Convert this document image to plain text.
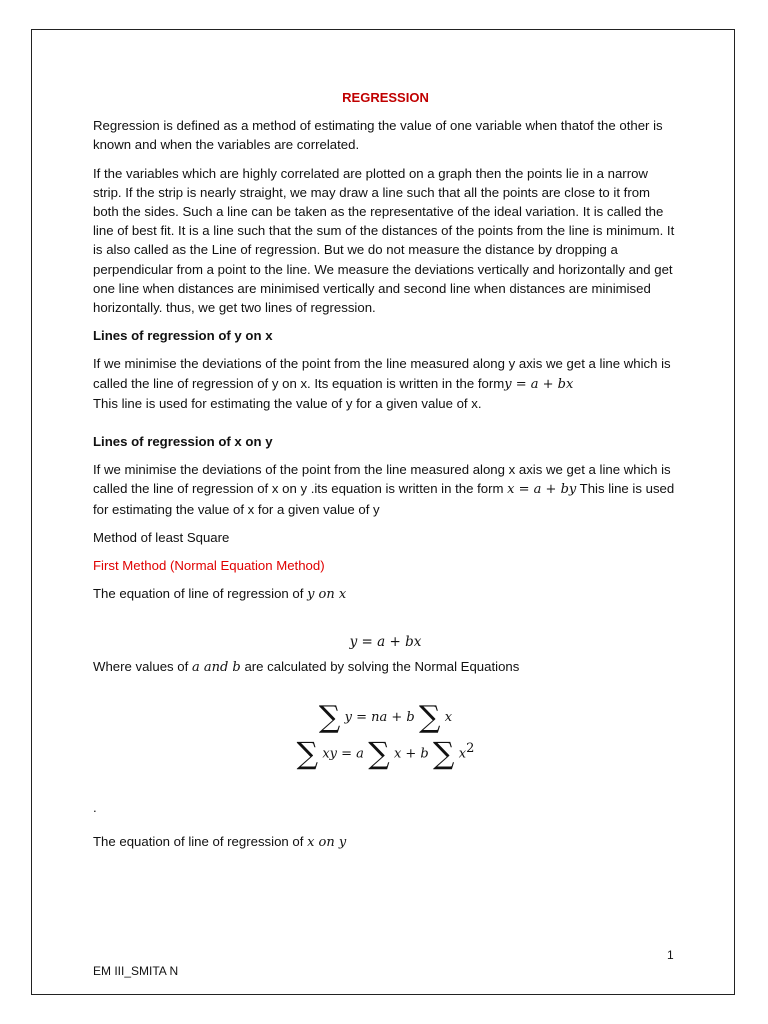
REGRESSION

Regression is defined as a method of estimating the value of one variable when thatof the other is known and when the variables are correlated.

If the variables which are highly correlated are plotted on a graph then the points lie in a narrow strip. If the strip is nearly straight, we may draw a line such that all the points are close to it from both the sides. Such a line can be taken as the representative of the ideal variation. It is called the line of best fit. It is a line such that the sum of the distances of the points from the line is minimum. It is also called as the Line of regression. But we do not measure the distance by dropping a perpendicular from a point to the line. We measure the deviations vertically and horizontally and get one line when distances are minimised vertically and second line when distances are minimised horizontally. thus, we get two lines of regression.

Lines of regression of y on x

If we minimise the deviations of the point from the line measured along y axis we get a line which is called the line of regression of y on x. Its equation is written in the formy = a + bx
This line is used for estimating the value of y for a given value of x.

Lines of regression of x on y

If we minimise the deviations of the point from the line measured along x axis we get a line which is called the line of regression of x on y .its equation is written in the form x = a + by This line is used for estimating the value of x for a given value of y

Method of least Square

First Method (Normal Equation Method)

The equation of line of regression of y on x

y = a + bx

Where values of a and b are calculated by solving the Normal Equations

∑ y = na + b ∑ x
∑ xy = a ∑ x + b ∑ $x^2$

.

The equation of line of regression of x on y

1
EM III_SMITA N
